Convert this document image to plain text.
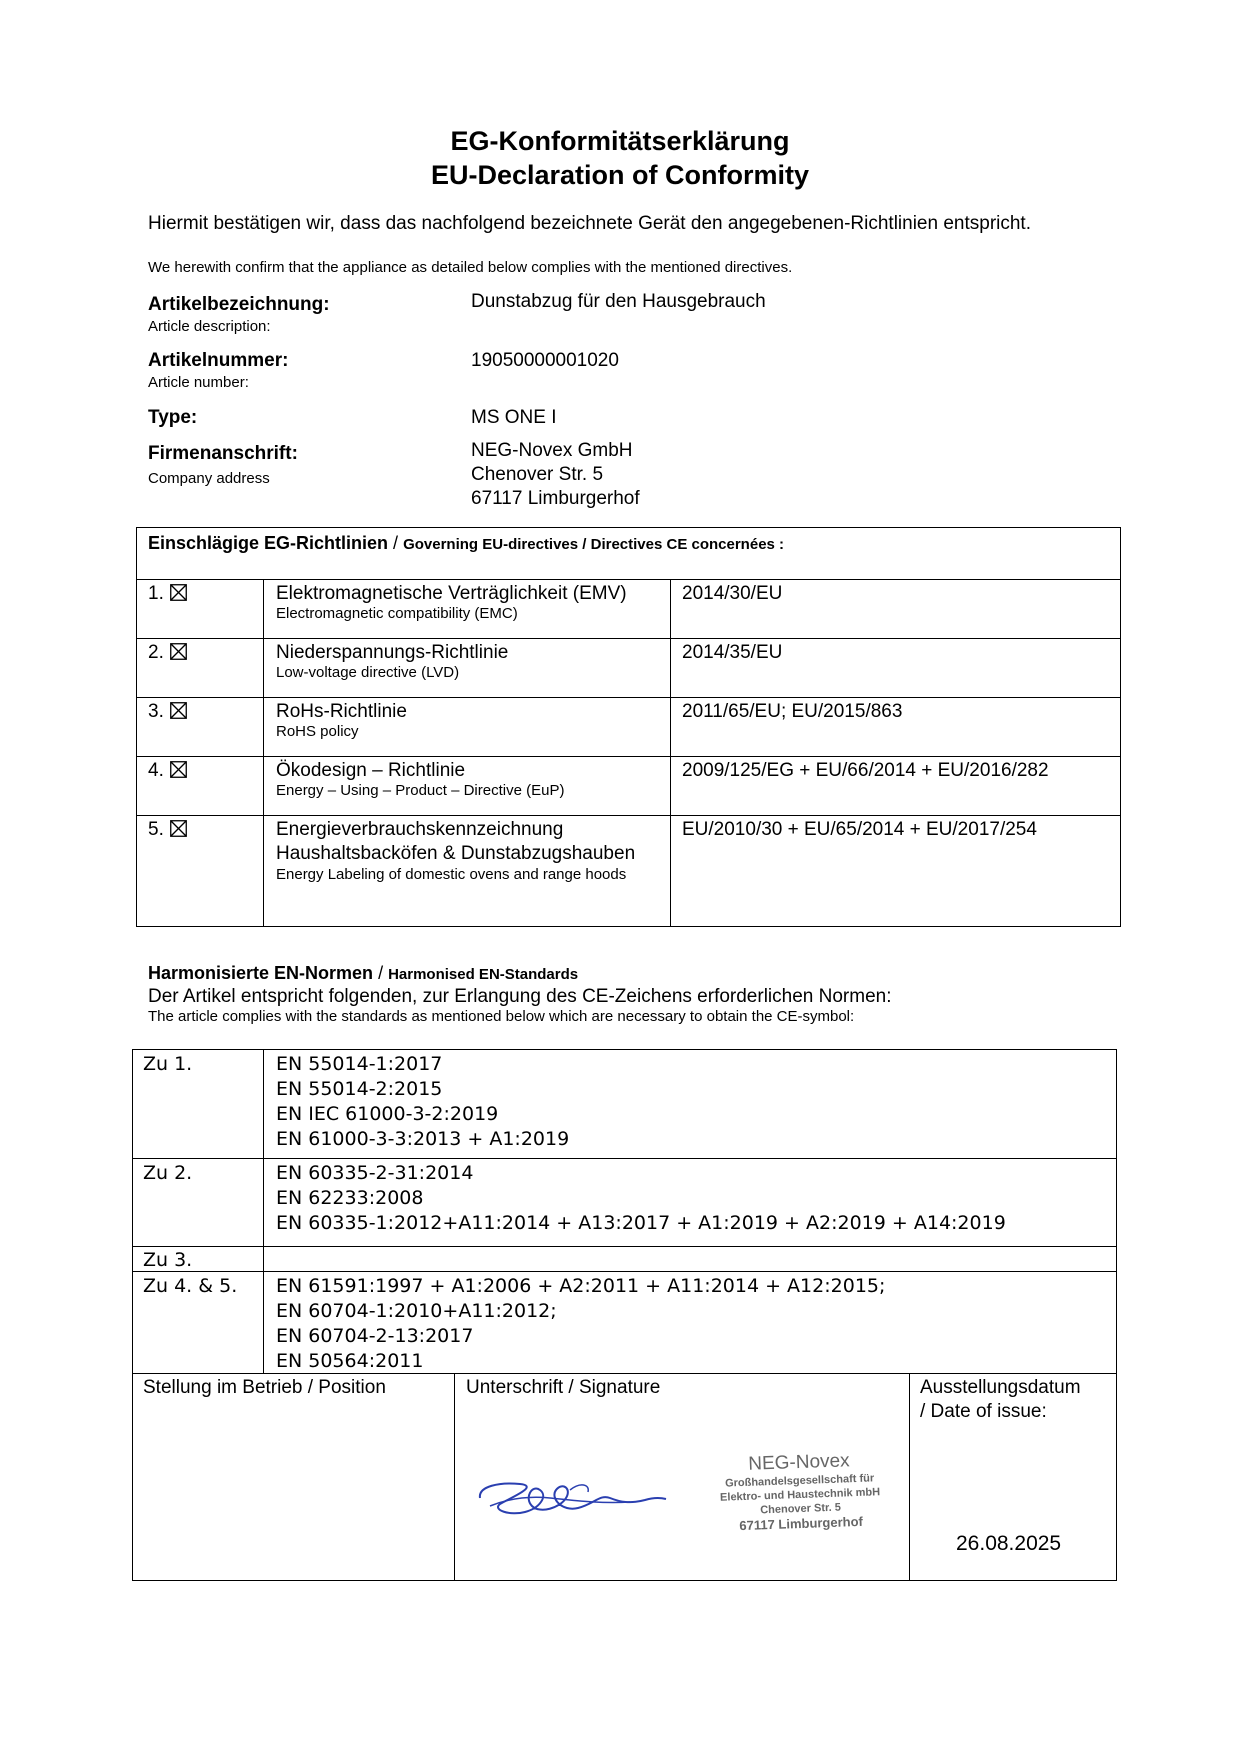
EG-Konformitätserklärung
EU-Declaration of Conformity
Hiermit bestätigen wir, dass das nachfolgend bezeichnete Gerät den angegebenen-Richtlinien entspricht.
We herewith confirm that the appliance as detailed below complies with the mentioned directives.
Artikelbezeichnung:
Article description:
Dunstabzug für den Hausgebrauch
Artikelnummer:
Article number:
19050000001020
Type:	MS ONE I
Firmenanschrift:
Company address
NEG-Novex GmbH
Chenover Str. 5
67117 Limburgerhof
Einschlägige EG-Richtlinien / Governing EU-directives / Directives CE concernées :
1.	Elektromagnetische Verträglichkeit (EMV)
Electromagnetic compatibility (EMC)
2014/30/EU
2.	Niederspannungs-Richtlinie
Low-voltage directive (LVD)
2014/35/EU
3.	RoHs-Richtlinie
RoHS policy
2011/65/EU; EU/2015/863
4.	Ökodesign – Richtlinie
Energy – Using – Product – Directive (EuP)
2009/125/EG + EU/66/2014 + EU/2016/282
5.	Energieverbrauchskennzeichnung Haushaltsbacköfen & Dunstabzugshauben
Energy Labeling of domestic ovens and range hoods
EU/2010/30 + EU/65/2014 + EU/2017/254
Harmonisierte EN-Normen / Harmonised EN-Standards
Der Artikel entspricht folgenden, zur Erlangung des CE-Zeichens erforderlichen Normen:
The article complies with the standards as mentioned below which are necessary to obtain the CE-symbol:
Zu 1.	EN 55014-1:2017
EN 55014-2:2015
EN IEC 61000-3-2:2019
EN 61000-3-3:2013 + A1:2019
Zu 2.	EN 60335-2-31:2014
EN 62233:2008
EN 60335-1:2012+A11:2014 + A13:2017 + A1:2019 + A2:2019 + A14:2019
Zu 3.
Zu 4. & 5. EN 61591:1997 + A1:2006 + A2:2011 + A11:2014 + A12:2015;
EN 60704-1:2010+A11:2012;
EN 60704-2-13:2017
EN 50564:2011
Stellung im Betrieb / Position	Unterschrift / Signature	Ausstellungsdatum
/ Date of issue:
26.08.2025
NEG-Novex
Großhandelsgesellschaft für
Elektro- und Haustechnik mbH
Chenover Str. 5
67117 Limburgerhof
